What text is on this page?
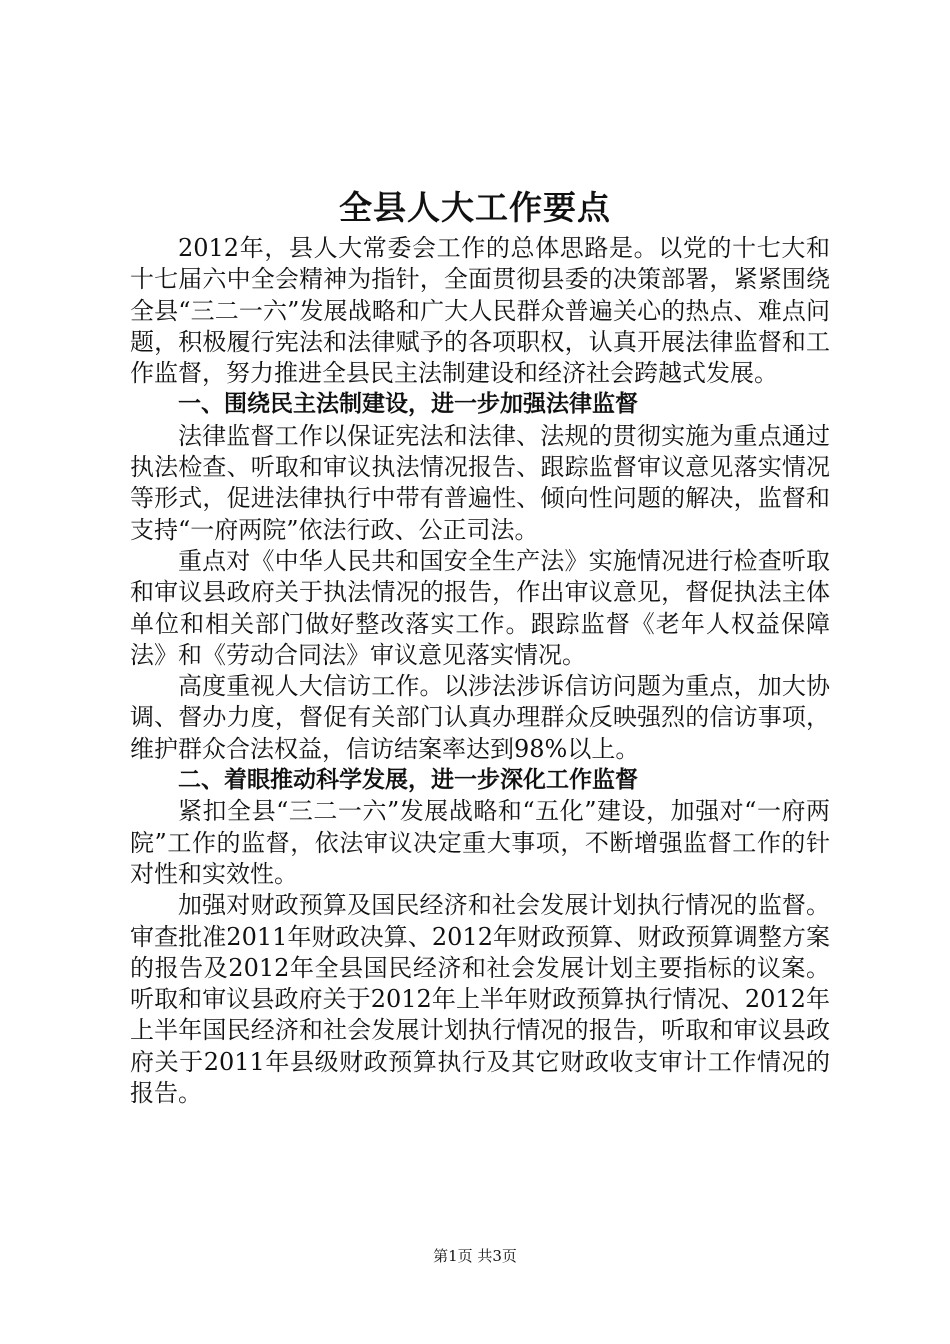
全县人大工作要点

2012年，县人大常委会工作的总体思路是。以党的十七大和十七届六中全会精神为指针，全面贯彻县委的决策部署，紧紧围绕全县“三二一六”发展战略和广大人民群众普遍关心的热点、难点问题，积极履行宪法和法律赋予的各项职权，认真开展法律监督和工作监督，努力推进全县民主法制建设和经济社会跨越式发展。

一、围绕民主法制建设，进一步加强法律监督

法律监督工作以保证宪法和法律、法规的贯彻实施为重点通过执法检查、听取和审议执法情况报告、跟踪监督审议意见落实情况等形式，促进法律执行中带有普遍性、倾向性问题的解决，监督和支持“一府两院”依法行政、公正司法。

重点对《中华人民共和国安全生产法》实施情况进行检查听取和审议县政府关于执法情况的报告，作出审议意见，督促执法主体单位和相关部门做好整改落实工作。跟踪监督《老年人权益保障法》和《劳动合同法》审议意见落实情况。

高度重视人大信访工作。以涉法涉诉信访问题为重点，加大协调、督办力度，督促有关部门认真办理群众反映强烈的信访事项，维护群众合法权益，信访结案率达到98%以上。

二、着眼推动科学发展，进一步深化工作监督

紧扣全县“三二一六”发展战略和“五化”建设，加强对“一府两院”工作的监督，依法审议决定重大事项，不断增强监督工作的针对性和实效性。

加强对财政预算及国民经济和社会发展计划执行情况的监督。审查批准2011年财政决算、2012年财政预算、财政预算调整方案的报告及2012年全县国民经济和社会发展计划主要指标的议案。听取和审议县政府关于2012年上半年财政预算执行情况、2012年上半年国民经济和社会发展计划执行情况的报告，听取和审议县政府关于2011年县级财政预算执行及其它财政收支审计工作情况的报告。

第1页 共3页
